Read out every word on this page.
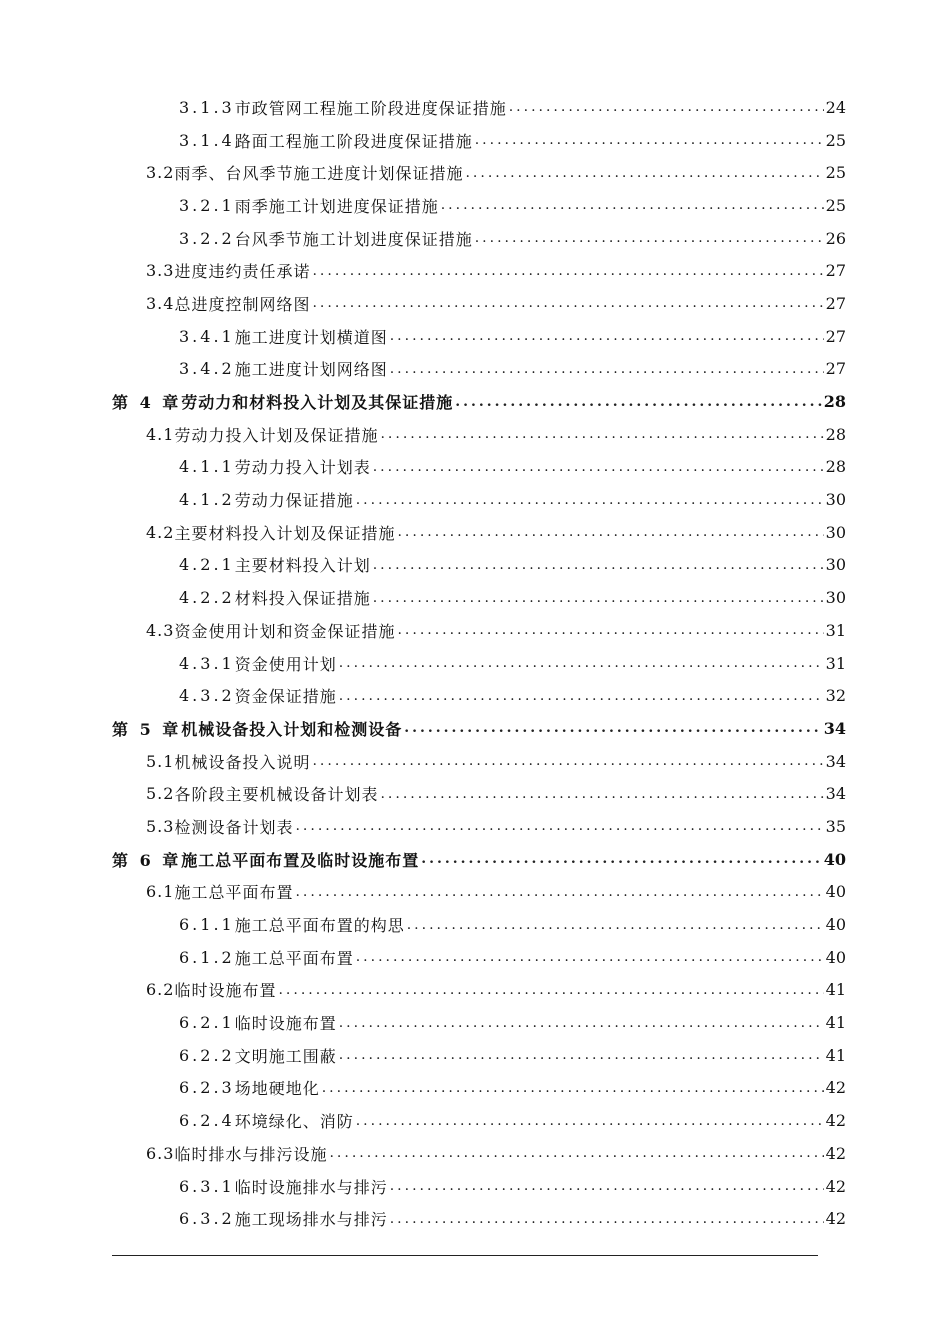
3.1.3 市政管网工程施工阶段进度保证措施 .....	24
3.1.4 路面工程施工阶段进度保证措施 .....	25
3.2 雨季、台风季节施工进度计划保证措施 .....	25
3.2.1 雨季施工计划进度保证措施 .....	25
3.2.2 台风季节施工计划进度保证措施 .....	26
3.3 进度违约责任承诺 .....	27
3.4 总进度控制网络图 .....	27
3.4.1 施工进度计划横道图 .....	27
3.4.2 施工进度计划网络图 .....	27
第 4 章 劳动力和材料投入计划及其保证措施 .....	28
4.1 劳动力投入计划及保证措施 .....	28
4.1.1 劳动力投入计划表 .....	28
4.1.2 劳动力保证措施 .....	30
4.2 主要材料投入计划及保证措施 .....	30
4.2.1 主要材料投入计划 .....	30
4.2.2 材料投入保证措施 .....	30
4.3 资金使用计划和资金保证措施 .....	31
4.3.1 资金使用计划 .....	31
4.3.2 资金保证措施 .....	32
第 5 章 机械设备投入计划和检测设备 .....	34
5.1 机械设备投入说明 .....	34
5.2 各阶段主要机械设备计划表 .....	34
5.3 检测设备计划表 .....	35
第 6 章 施工总平面布置及临时设施布置 .....	40
6.1 施工总平面布置 .....	40
6.1.1 施工总平面布置的构思 .....	40
6.1.2 施工总平面布置 .....	40
6.2 临时设施布置 .....	41
6.2.1 临时设施布置 .....	41
6.2.2 文明施工围蔽 .....	41
6.2.3 场地硬地化 .....	42
6.2.4 环境绿化、消防 .....	42
6.3 临时排水与排污设施 .....	42
6.3.1 临时设施排水与排污 .....	42
6.3.2 施工现场排水与排污 .....	42
